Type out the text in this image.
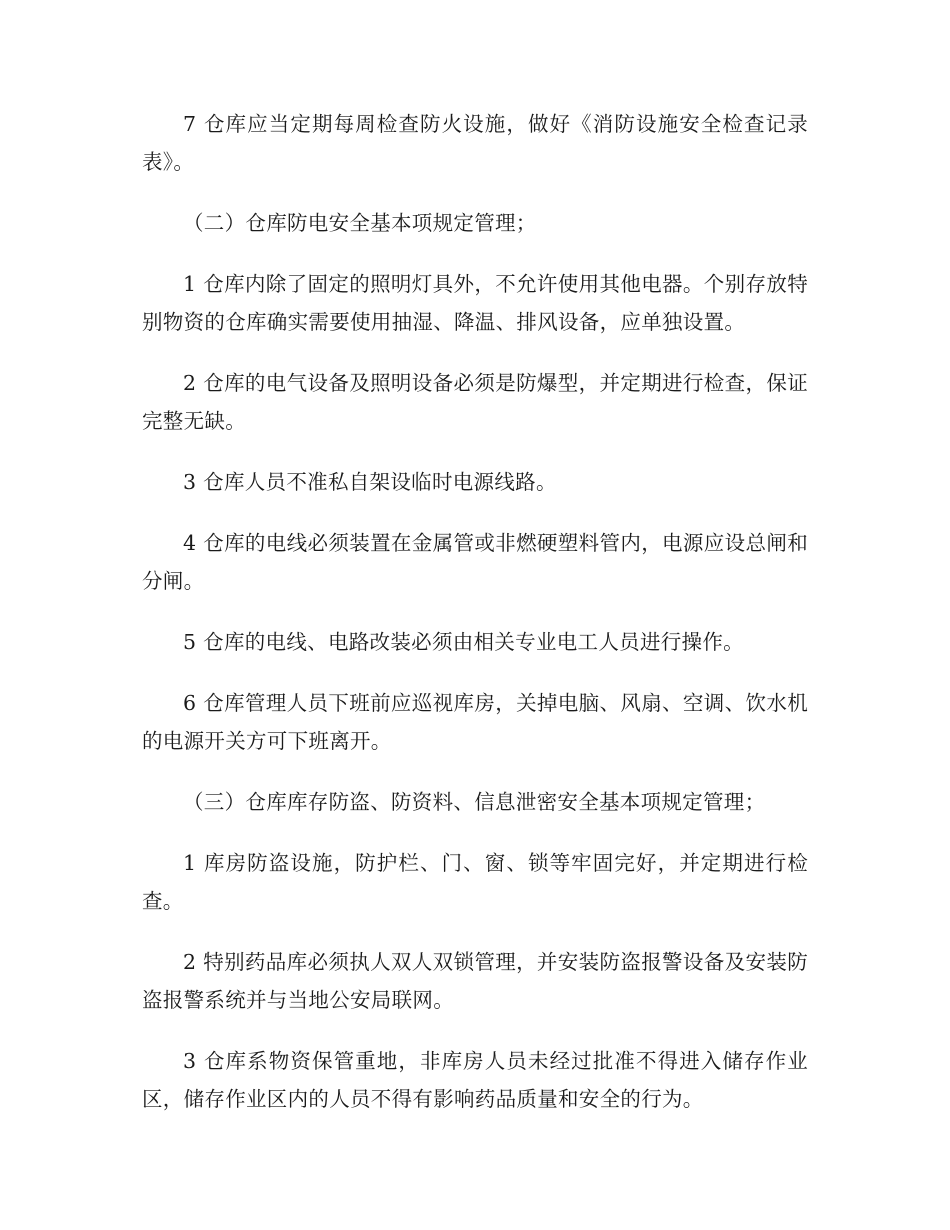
7 仓库应当定期每周检查防火设施，做好《消防设施安全检查记录表》。

（二）仓库防电安全基本项规定管理；

1 仓库内除了固定的照明灯具外，不允许使用其他电器。个别存放特别物资的仓库确实需要使用抽湿、降温、排风设备，应单独设置。

2 仓库的电气设备及照明设备必须是防爆型，并定期进行检查，保证完整无缺。

3 仓库人员不准私自架设临时电源线路。

4 仓库的电线必须装置在金属管或非燃硬塑料管内，电源应设总闸和分闸。

5 仓库的电线、电路改装必须由相关专业电工人员进行操作。

6 仓库管理人员下班前应巡视库房，关掉电脑、风扇、空调、饮水机的电源开关方可下班离开。

（三）仓库库存防盗、防资料、信息泄密安全基本项规定管理；

1 库房防盗设施，防护栏、门、窗、锁等牢固完好，并定期进行检查。

2 特别药品库必须执人双人双锁管理，并安装防盗报警设备及安装防盗报警系统并与当地公安局联网。

3 仓库系物资保管重地，非库房人员未经过批准不得进入储存作业区，储存作业区内的人员不得有影响药品质量和安全的行为。
